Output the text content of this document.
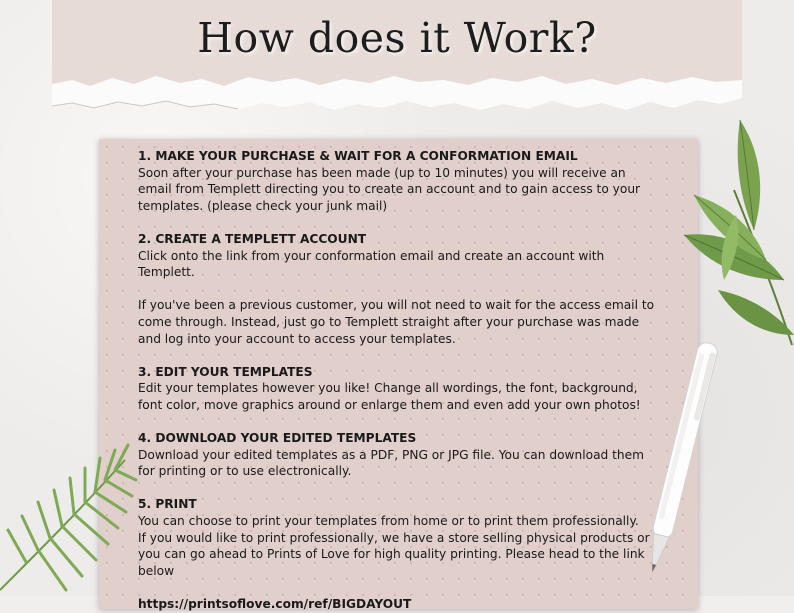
How does it Work?
1. MAKE YOUR PURCHASE & WAIT FOR A CONFORMATION EMAIL
Soon after your purchase has been made (up to 10 minutes) you will receive an email from Templett directing you to create an account and to gain access to your templates. (please check your junk mail)
2. CREATE A TEMPLETT ACCOUNT
Click onto the link from your conformation email and create an account with Templett.
If you've been a previous customer, you will not need to wait for the access email to come through. Instead, just go to Templett straight after your purchase was made and log into your account to access your templates.
3. EDIT YOUR TEMPLATES
Edit your templates however you like! Change all wordings, the font, background, font color, move graphics around or enlarge them and even add your own photos!
4. DOWNLOAD YOUR EDITED TEMPLATES
Download your edited templates as a PDF, PNG or JPG file. You can download them for printing or to use electronically.
5. PRINT
You can choose to print your templates from home or to print them professionally.
If you would like to print professionally, we have a store selling physical products or you can go ahead to Prints of Love for high quality printing. Please head to the link below
https://printsoflove.com/ref/BIGDAYOUT
